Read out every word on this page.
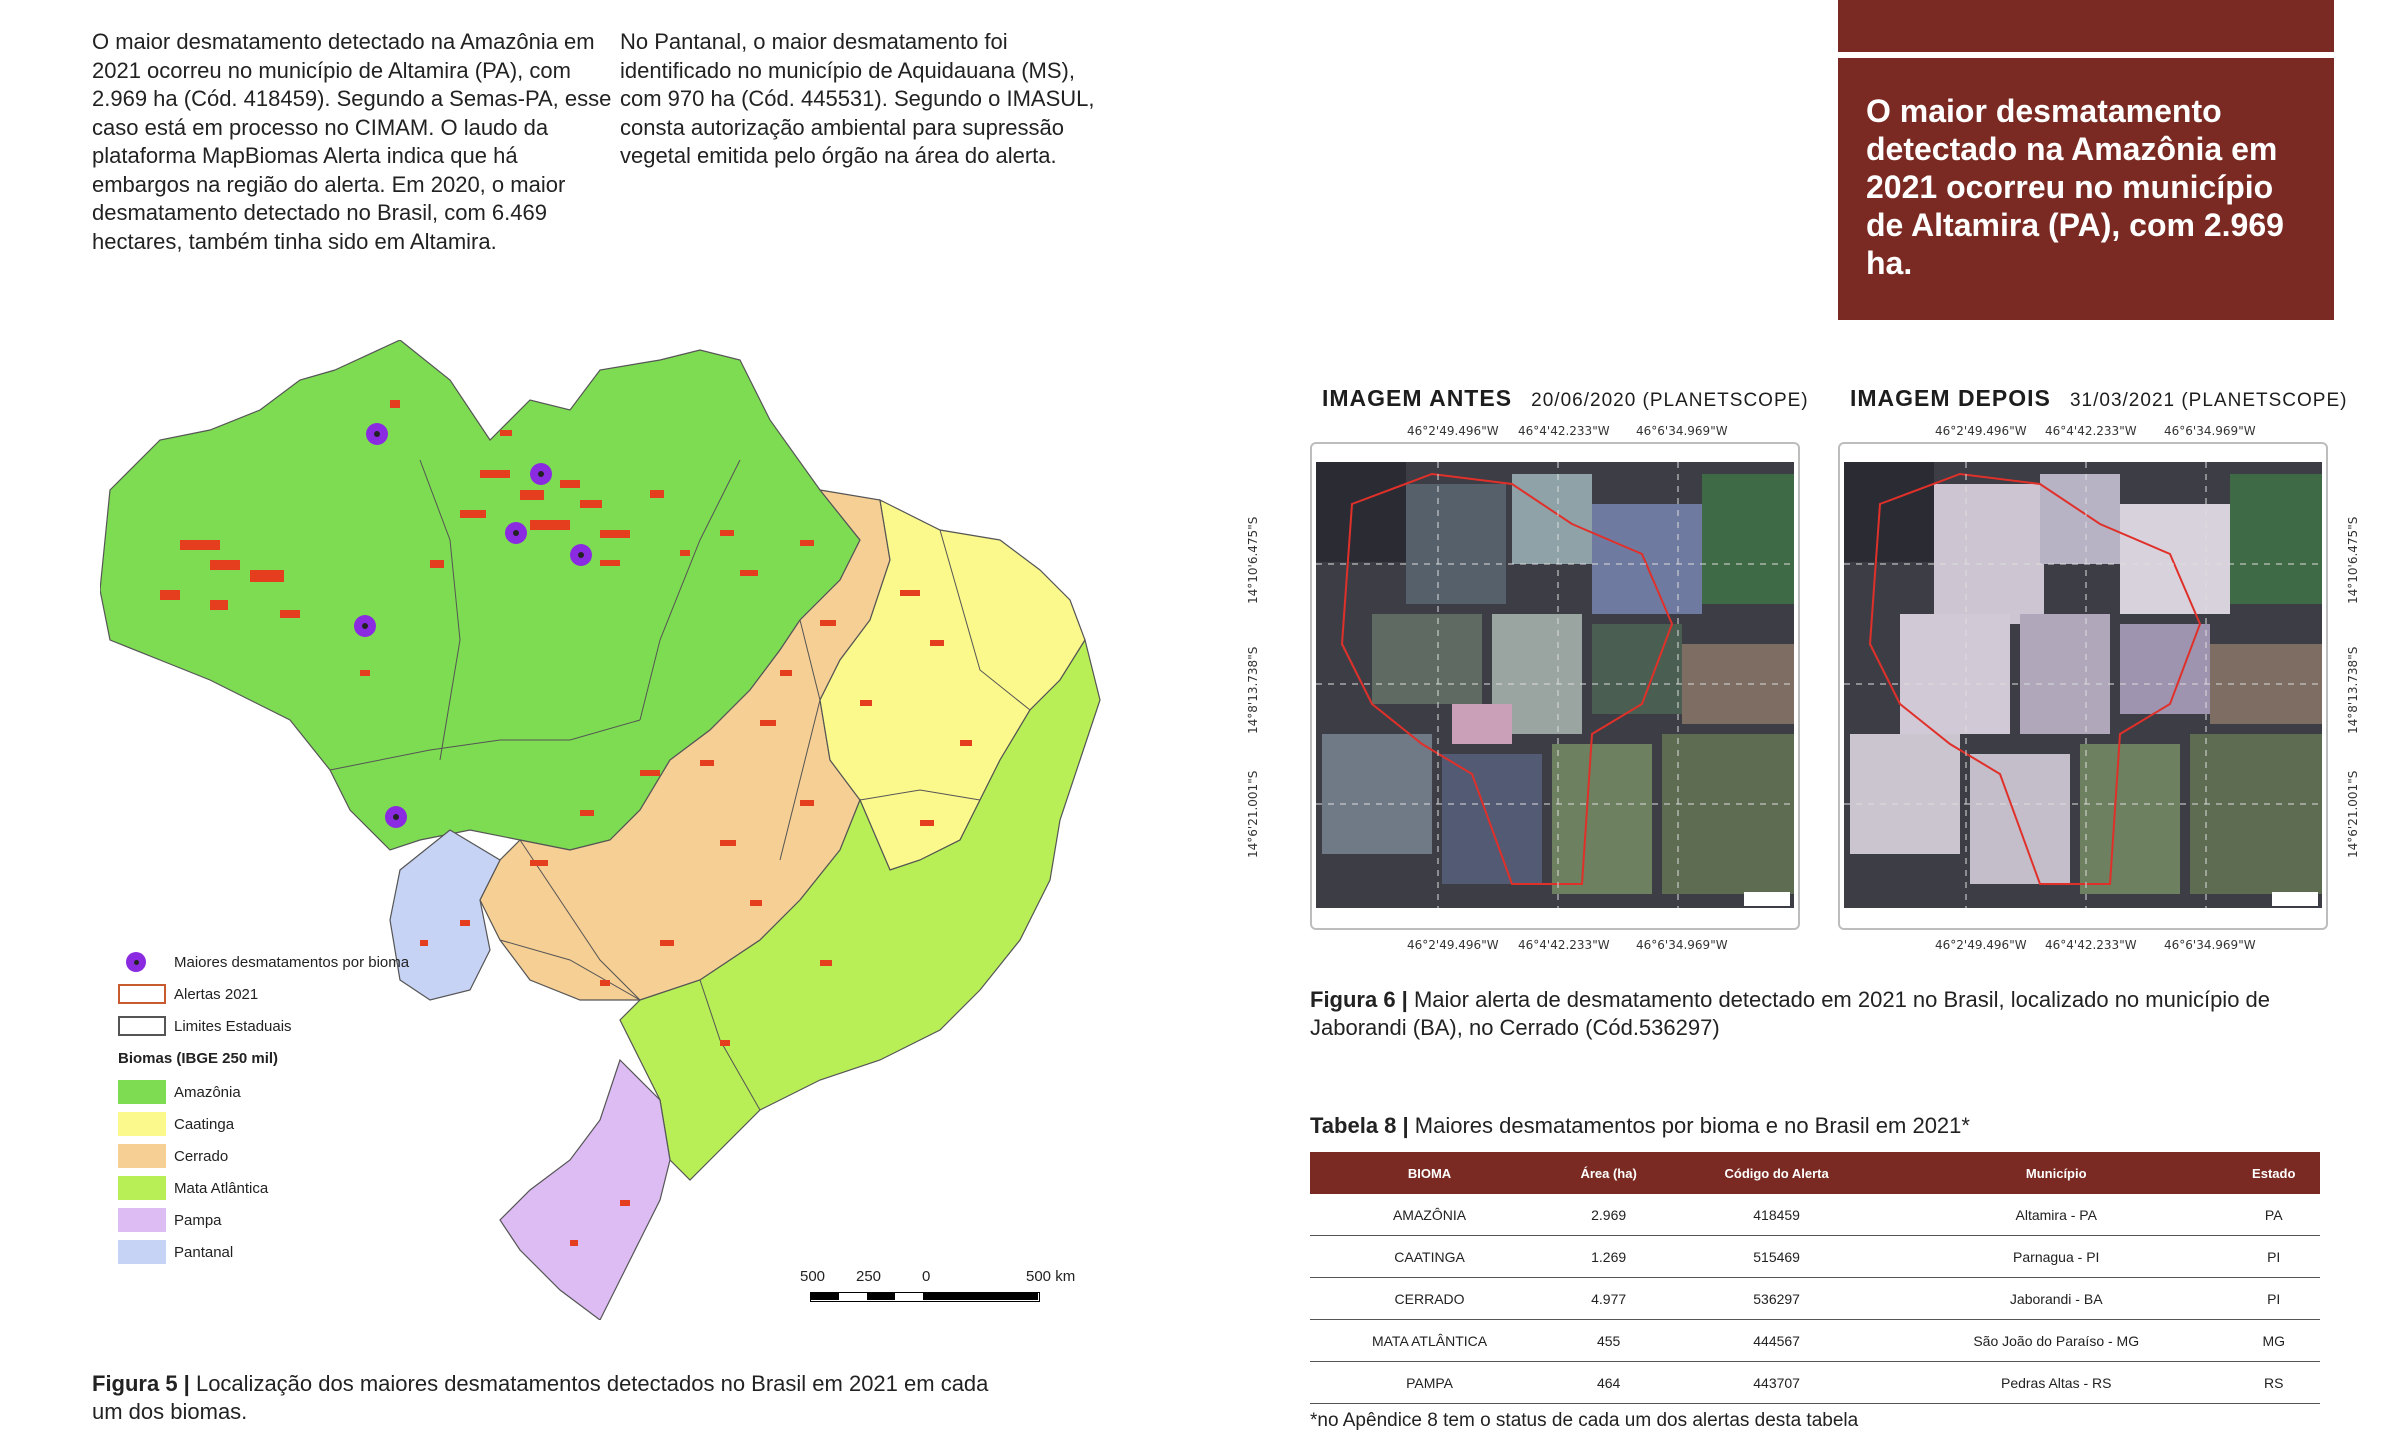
O maior desmatamento detectado na Amazônia em 2021 ocorreu no município de Altamira (PA), com 2.969 ha (Cód. 418459). Segundo a Semas-PA, esse caso está em processo no CIMAM. O laudo da plataforma MapBiomas Alerta indica que há embargos na região do alerta. Em 2020, o maior desmatamento detectado no Brasil, com 6.469 hectares, também tinha sido em Altamira.
No Pantanal, o maior desmatamento foi identificado no município de Aquidauana (MS), com 970 ha (Cód. 445531). Segundo o IMASUL, consta autorização ambiental para supressão vegetal emitida pelo órgão na área do alerta.

O maior desmatamento detectado na Amazônia em 2021 ocorreu no município de Altamira (PA), com 2.969 ha.

Maiores desmatamentos por bioma
Alertas 2021
Limites Estaduais
Biomas (IBGE 250 mil)
Amazônia
Caatinga
Cerrado
Mata Atlântica
Pampa
Pantanal
500 250	0	500 km
Figura 5 | Localização dos maiores desmatamentos detectados no Brasil em 2021 em cada um dos biomas.
IMAGEM ANTES 20/06/2020 (PLANETSCOPE) IMAGEM DEPOIS 31/03/2021 (PLANETSCOPE)
46°2'49.496"W 46°4'42.233"W 46°6'34.969"W	46°2'49.496"W 46°4'42.233"W 46°6'34.969"W
46°2'49.496"W 46°4'42.233"W 46°6'34.969"W	46°2'49.496"W 46°4'42.233"W 46°6'34.969"W
14°10'6.475"S
14°8'13.738"S
14°6'21.001"S
14°10'6.475"S
14°8'13.738"S
14°6'21.001"S
Figura 6 | Maior alerta de desmatamento detectado em 2021 no Brasil, localizado no município de Jaborandi (BA), no Cerrado (Cód.536297)
Tabela 8 | Maiores desmatamentos por bioma e no Brasil em 2021*
BIOMA	Área (ha)	Código do Alerta	Município	Estado
AMAZÔNIA	2.969	418459	Altamira - PA	PA
CAATINGA	1.269	515469	Parnagua - PI	PI
CERRADO	4.977	536297	Jaborandi - BA	PI
MATA ATLÂNTICA	455	444567	São João do Paraíso - MG	MG
PAMPA	464	443707	Pedras Altas - RS	RS
*no Apêndice 8 tem o status de cada um dos alertas desta tabela
